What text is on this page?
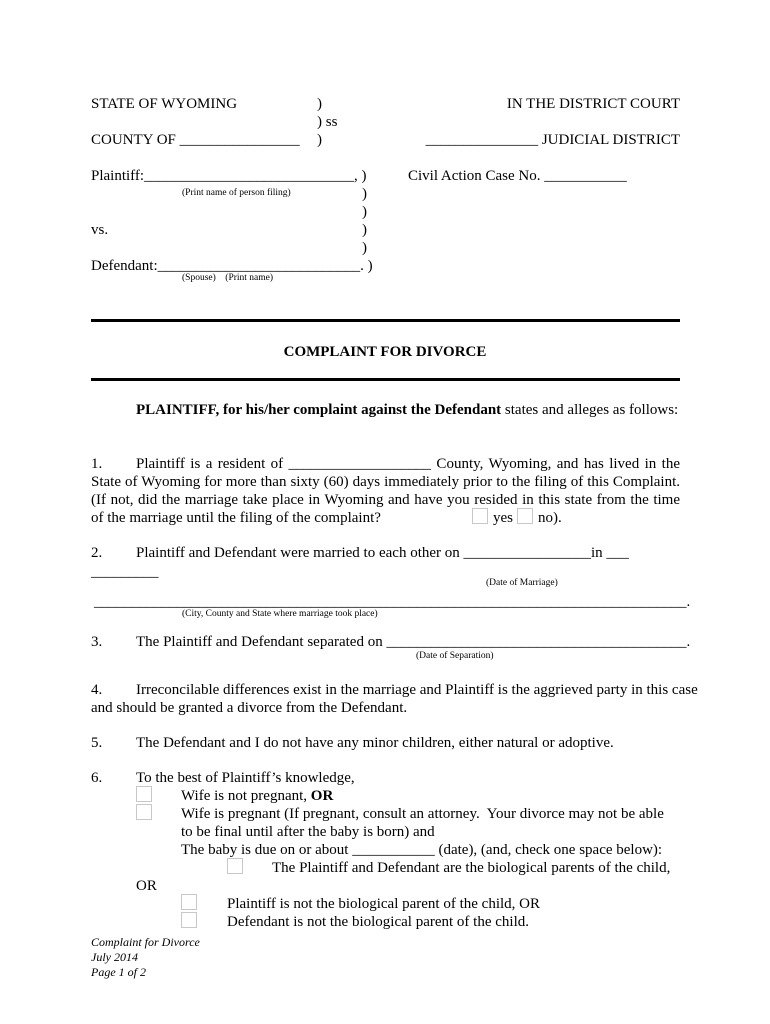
STATE OF WYOMING	)
) ss
)
IN THE DISTRICT COURT
COUNTY OF ________________	_______________ JUDICIAL DISTRICT
Plaintiff:____________________________, )	Civil Action Case No. ___________
(Print name of person filing)	)
)
vs.	)
)
Defendant:___________________________. )
(Spouse)    (Print name)
COMPLAINT FOR DIVORCE
PLAINTIFF, for his/her complaint against the Defendant states and alleges as follows:
1.	Plaintiff is a resident of ___________________ County, Wyoming, and has lived in the State of Wyoming for more than sixty (60) days immediately prior to the filing of this Complaint. (If not, did the marriage take place in Wyoming and have you resided in this state from the time of the marriage until the filing of the complaint?	yes no).
2. Plaintiff and Defendant were married to each other on _________________in ___
_________
(Date of Marriage)
_______________________________________________________________________________.
(City, County and State where marriage took place)
3. The Plaintiff and Defendant separated on ________________________________________.
(Date of Separation)
4. Irreconcilable differences exist in the marriage and Plaintiff is the aggrieved party in this case
and should be granted a divorce from the Defendant.
5. The Defendant and I do not have any minor children, either natural or adoptive.
6. To the best of Plaintiff’s knowledge,
Wife is not pregnant, OR
Wife is pregnant (If pregnant, consult an attorney.  Your divorce may not be able
to be final until after the baby is born) and
The baby is due on or about ___________ (date), (and, check one space below):
The Plaintiff and Defendant are the biological parents of the child,
OR
Plaintiff is not the biological parent of the child, OR
Defendant is not the biological parent of the child.
Complaint for Divorce
July 2014
Page 1 of 2
